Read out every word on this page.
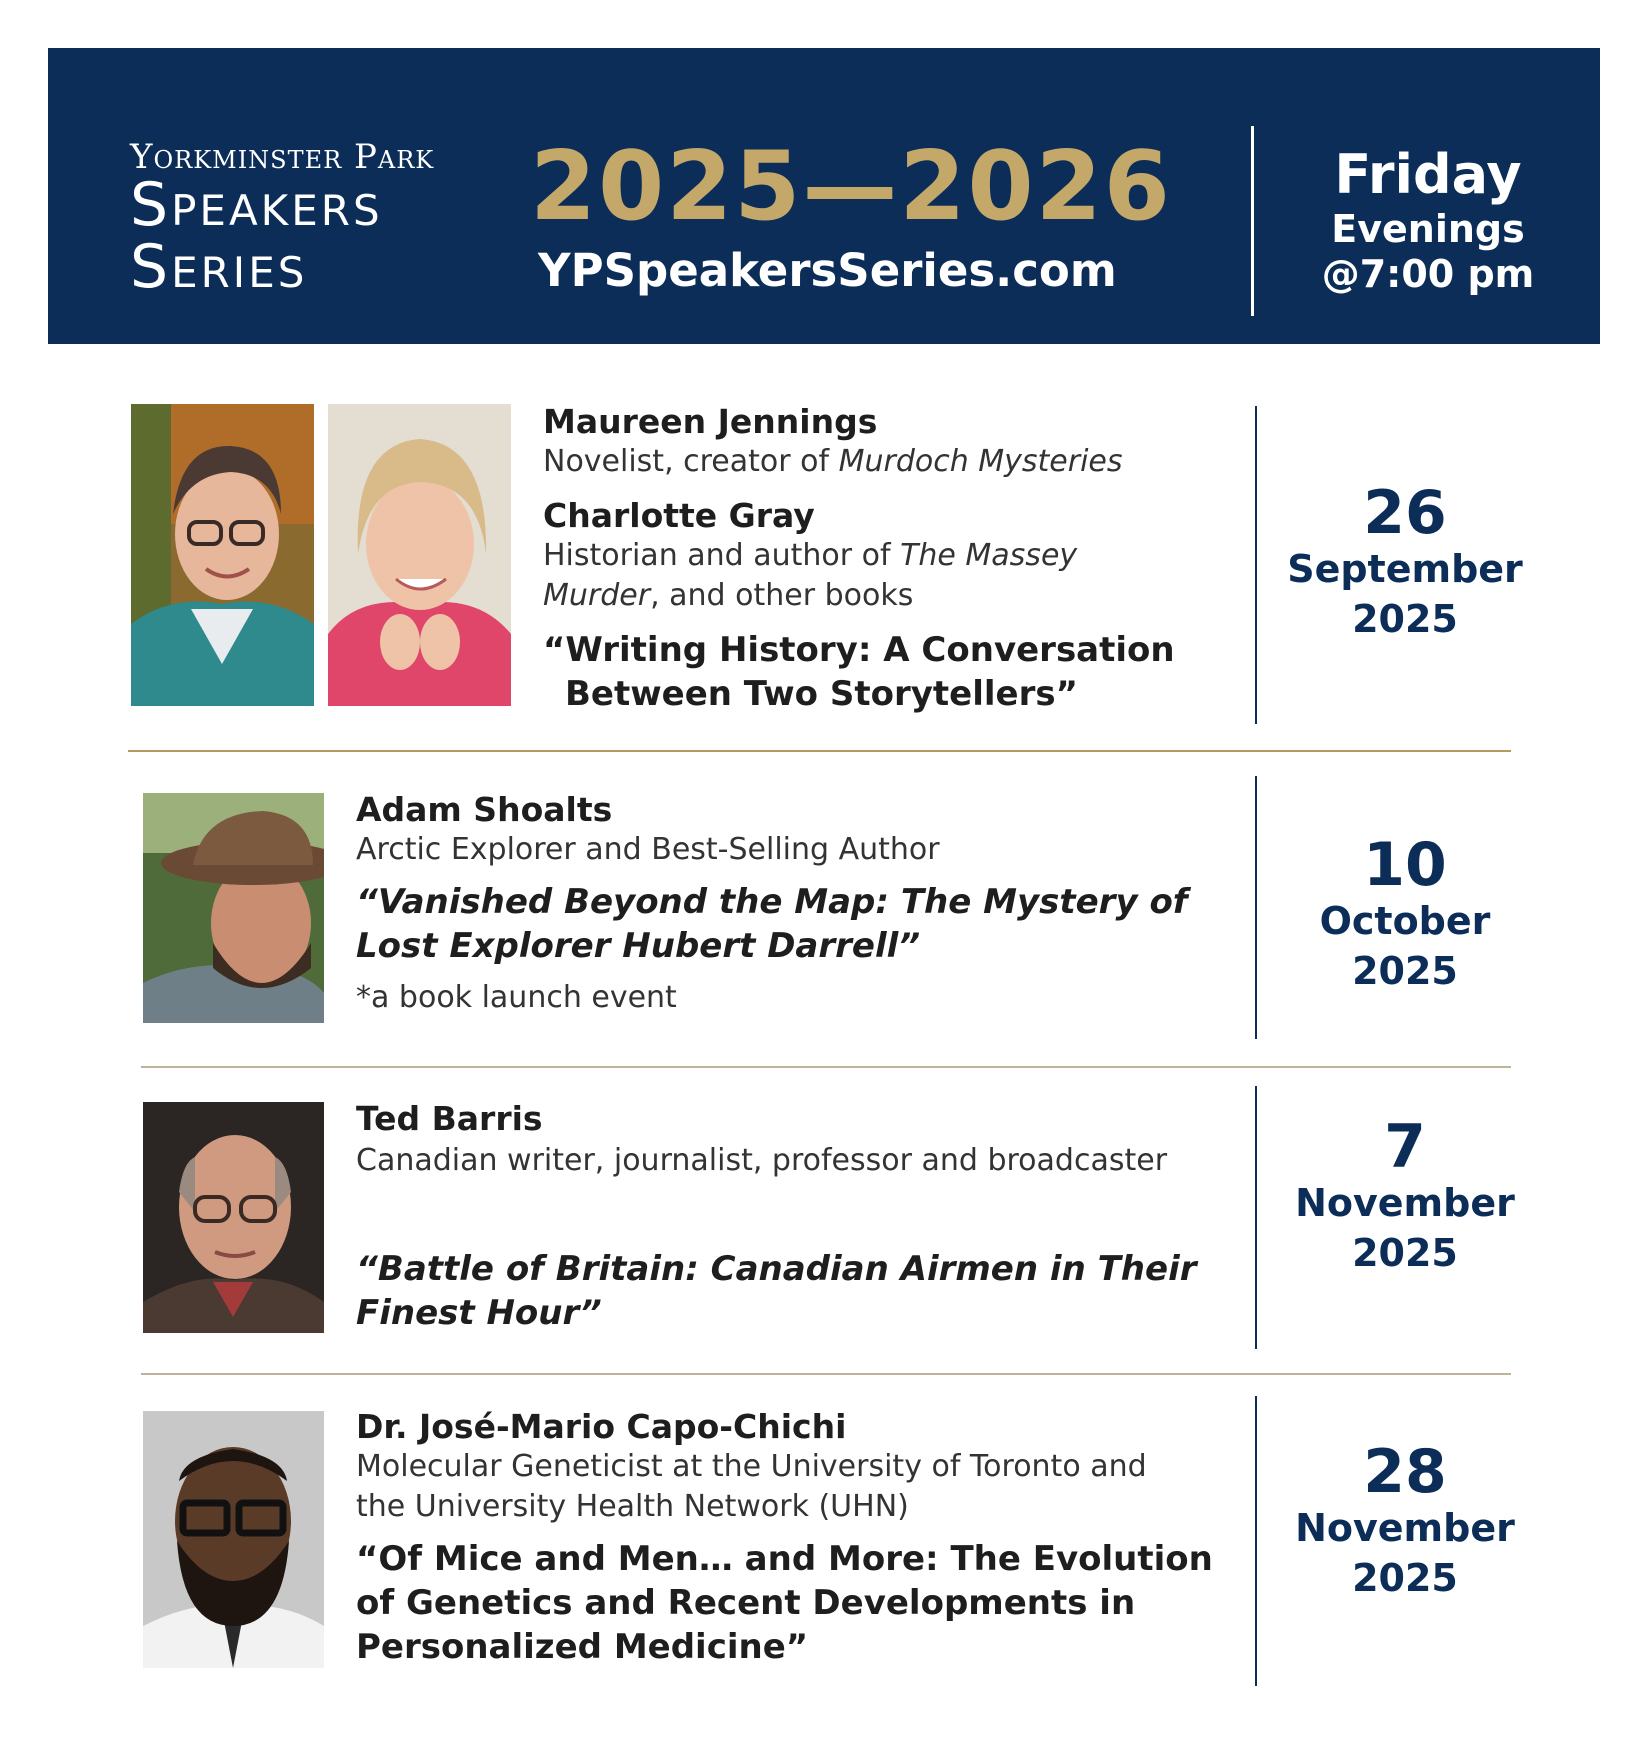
Yorkminster Park
Speakers
Series
2025—2026
YPSpeakersSeries.com
Friday
Evenings
@7:00 pm
Maureen Jennings
Novelist, creator of Murdoch Mysteries
Charlotte Gray
Historian and author of The Massey Murder, and other books
“Writing History: A Conversation
Between Two Storytellers”
26
September
2025
Adam Shoalts
Arctic Explorer and Best-Selling Author
“Vanished Beyond the Map: The Mystery of
Lost Explorer Hubert Darrell”
*a book launch event
10
October
2025
Ted Barris
Canadian writer, journalist, professor and broadcaster
“Battle of Britain: Canadian Airmen in Their
Finest Hour”
7
November
2025
Dr. José-Mario Capo-Chichi
Molecular Geneticist at the University of Toronto and
the University Health Network (UHN)
“Of Mice and Men… and More: The Evolution
of Genetics and Recent Developments in
Personalized Medicine”
28
November
2025
